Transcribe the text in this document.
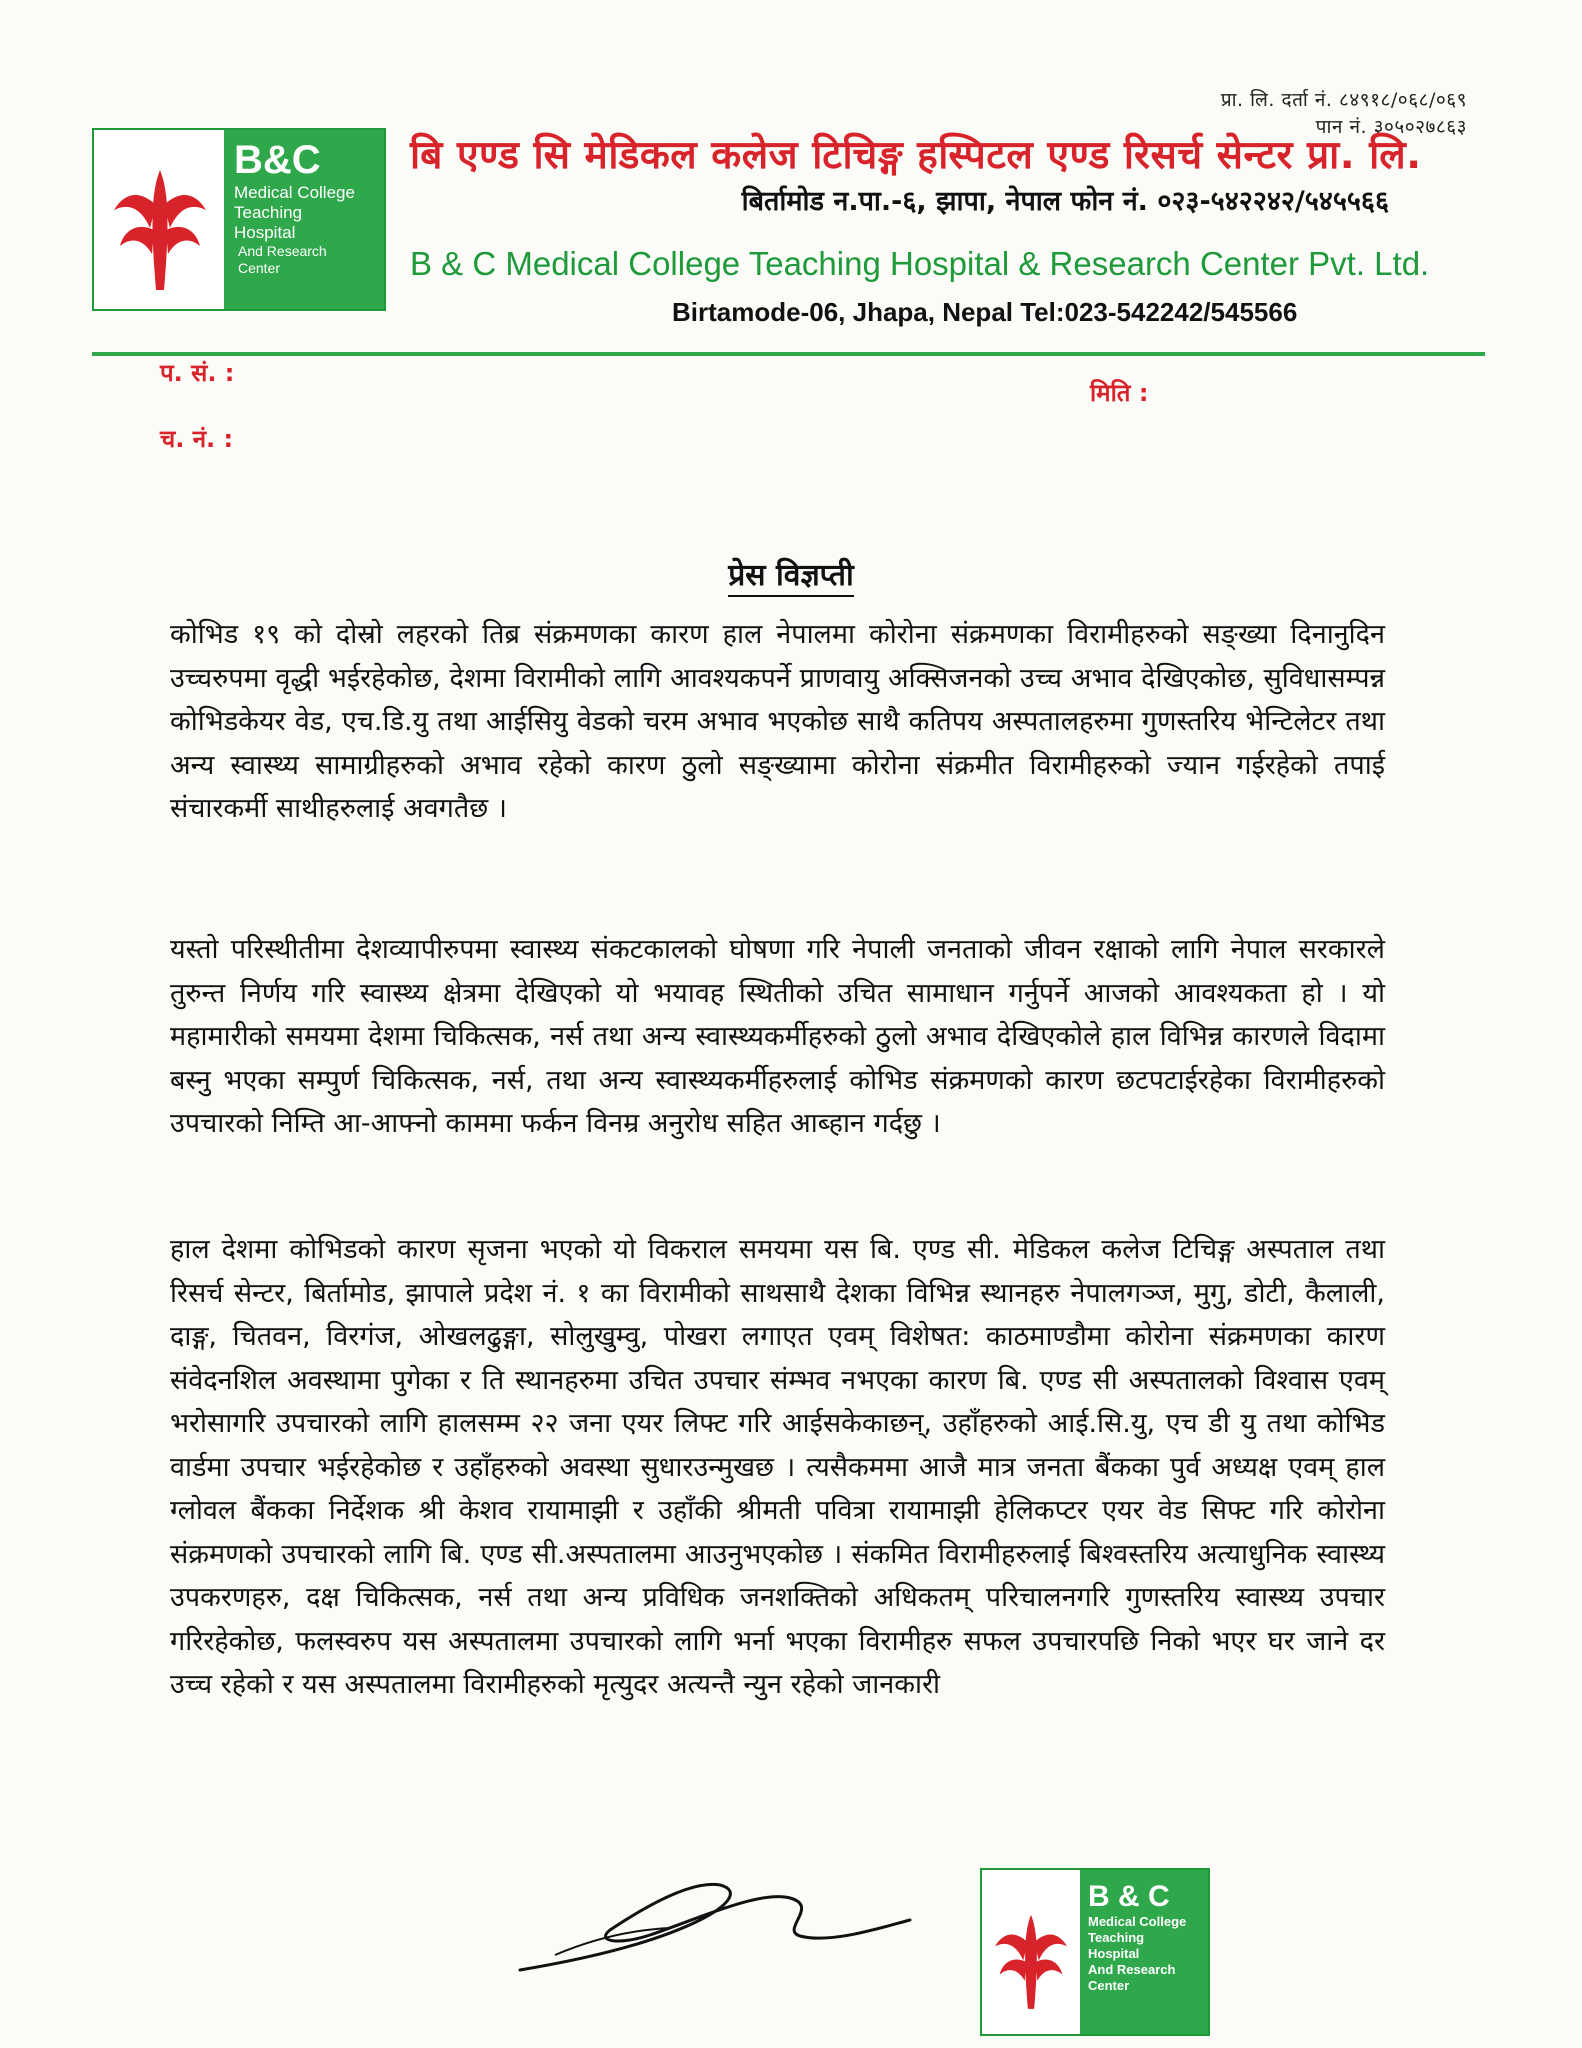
प्रा. लि. दर्ता नं. ८४९१८/०६८/०६९
पान नं. ३०५०२७८६३
B&C
Medical College
Teaching
Hospital
And Research
Center
बि एण्ड सि मेडिकल कलेज टिचिङ्ग हस्पिटल एण्ड रिसर्च सेन्टर प्रा. लि.
बिर्तामोड न.पा.-६, झापा, नेपाल फोन नं. ०२३-५४२२४२/५४५५६६
B & C Medical College Teaching Hospital & Research Center Pvt. Ltd.
Birtamode-06, Jhapa, Nepal Tel:023-542242/545566
प. सं. :
च. नं. :
मिति :
प्रेस विज्ञप्ती
कोभिड १९ को दोस्रो लहरको तिब्र संक्रमणका कारण हाल नेपालमा कोरोना संक्रमणका विरामीहरुको सङ्ख्या दिनानुदिन उच्चरुपमा वृद्धी भईरहेकोछ, देशमा विरामीको लागि आवश्यकपर्ने प्राणवायु अक्सिजनको उच्च अभाव देखिएकोछ, सुविधासम्पन्न कोभिडकेयर वेड, एच.डि.यु तथा आईसियु वेडको चरम अभाव भएकोछ साथै कतिपय अस्पतालहरुमा गुणस्तरिय भेन्टिलेटर तथा अन्य स्वास्थ्य सामाग्रीहरुको अभाव रहेको कारण ठुलो सङ्ख्यामा कोरोना संक्रमीत विरामीहरुको ज्यान गईरहेको तपाई संचारकर्मी साथीहरुलाई अवगतैछ ।
यस्तो परिस्थीतीमा देशव्यापीरुपमा स्वास्थ्य संकटकालको घोषणा गरि नेपाली जनताको जीवन रक्षाको लागि नेपाल सरकारले तुरुन्त निर्णय गरि स्वास्थ्य क्षेत्रमा देखिएको यो भयावह स्थितीको उचित सामाधान गर्नुपर्ने आजको आवश्यकता हो । यो महामारीको समयमा देशमा चिकित्सक, नर्स तथा अन्य स्वास्थ्यकर्मीहरुको ठुलो अभाव देखिएकोले हाल विभिन्न कारणले विदामा बस्नु भएका सम्पुर्ण चिकित्सक, नर्स, तथा अन्य स्वास्थ्यकर्मीहरुलाई कोभिड संक्रमणको कारण छटपटाईरहेका विरामीहरुको उपचारको निम्ति आ-आफ्नो काममा फर्कन विनम्र अनुरोध सहित आब्हान गर्दछु ।
हाल देशमा कोभिडको कारण सृजना भएको यो विकराल समयमा यस बि. एण्ड सी. मेडिकल कलेज टिचिङ्ग अस्पताल तथा रिसर्च सेन्टर, बिर्तामोड, झापाले प्रदेश नं. १ का विरामीको साथसाथै देशका विभिन्न स्थानहरु नेपालगञ्ज, मुगु, डोटी, कैलाली, दाङ्ग, चितवन, विरगंज, ओखलढुङ्गा, सोलुखुम्वु, पोखरा लगाएत एवम् विशेषत: काठमाण्डौमा कोरोना संक्रमणका कारण संवेदनशिल अवस्थामा पुगेका र ति स्थानहरुमा उचित उपचार संम्भव नभएका कारण बि. एण्ड सी अस्पतालको विश्वास एवम् भरोसागरि उपचारको लागि हालसम्म २२ जना एयर लिफ्ट गरि आईसकेकाछन्, उहाँहरुको आई.सि.यु, एच डी यु तथा कोभिड वार्डमा उपचार भईरहेकोछ र उहाँहरुको अवस्था सुधारउन्मुखछ । त्यसैकममा आजै मात्र जनता बैंकका पुर्व अध्यक्ष एवम् हाल ग्लोवल बैंकका निर्देशक श्री केशव रायामाझी र उहाँकी श्रीमती पवित्रा रायामाझी हेलिकप्टर एयर वेड सिफ्ट गरि कोरोना संक्रमणको उपचारको लागि बि. एण्ड सी.अस्पतालमा आउनुभएकोछ । संकमित विरामीहरुलाई बिश्वस्तरिय अत्याधुनिक स्वास्थ्य उपकरणहरु, दक्ष चिकित्सक, नर्स तथा अन्य प्रविधिक जनशक्तिको अधिकतम् परिचालनगरि गुणस्तरिय स्वास्थ्य उपचार गरिरहेकोछ, फलस्वरुप यस अस्पतालमा उपचारको लागि भर्ना भएका विरामीहरु सफल उपचारपछि निको भएर घर जाने दर उच्च रहेको र यस अस्पतालमा विरामीहरुको मृत्युदर अत्यन्तै न्युन रहेको जानकारी
B & C
Medical College
Teaching
Hospital
And Research
Center
